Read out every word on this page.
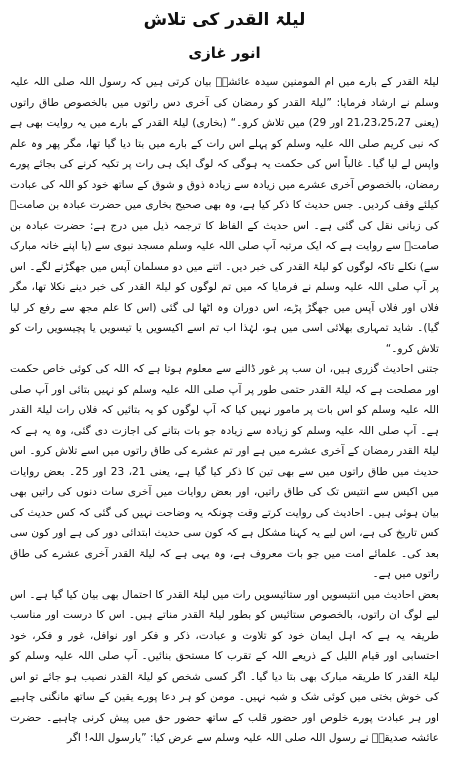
لیلۃ القدر کی تلاش
انور غازی

لیلۃ القدر کے بارے میں ام المومنین سیدہ عائشہؓ بیان کرتی ہیں کہ رسول اللہ صلی اللہ علیہ وسلم نے ارشاد فرمایا: ”لیلۃ القدر کو رمضان کی آخری دس راتوں میں بالخصوص طاق راتوں (یعنی 21،23،25،27 اور 29) میں تلاش کرو۔“ (بخاری) لیلۃ القدر کے بارے میں یہ روایت بھی ہے کہ نبی کریم صلی اللہ علیہ وسلم کو پہلے اس رات کے بارے میں بتا دیا گیا تھا، مگر پھر وہ علم واپس لے لیا گیا۔ غالباً اس کی حکمت یہ ہوگی کہ لوگ ایک ہی رات پر تکیہ کرنے کی بجائے پورے رمضان، بالخصوص آخری عشرے میں زیادہ سے زیادہ ذوق و شوق کے ساتھ خود کو اللہ کی عبادت کیلئے وقف کردیں۔ جس حدیث کا ذکر کیا ہے، وہ بھی صحیح بخاری میں حضرت عبادہ بن صامتؓ کی زبانی نقل کی گئی ہے۔ اس حدیث کے الفاظ کا ترجمہ ذیل میں درج ہے: حضرت عبادہ بن صامتؓ سے روایت ہے کہ ایک مرتبہ آپ صلی اللہ علیہ وسلم مسجد نبوی سے (یا اپنے خانہ مبارک سے) نکلے تاکہ لوگوں کو لیلۃ القدر کی خبر دیں۔ اتنے میں دو مسلمان آپس میں جھگڑنے لگے۔ اس پر آپ صلی اللہ علیہ وسلم نے فرمایا کہ میں تم لوگوں کو لیلۃ القدر کی خبر دینے نکلا تھا، مگر فلاں اور فلاں آپس میں جھگڑ پڑے، اس دوران وہ اٹھا لی گئی (اس کا علم مجھ سے رفع کر لیا گیا)۔ شاید تمہاری بھلائی اسی میں ہو، لہٰذا اب تم اسے اکیسویں یا تیسویں یا پچیسویں رات کو تلاش کرو۔“

جتنی احادیث گزری ہیں، ان سب پر غور ڈالنے سے معلوم ہوتا ہے کہ اللہ کی کوئی خاص حکمت اور مصلحت ہے کہ لیلۃ القدر حتمی طور پر آپ صلی اللہ علیہ وسلم کو نہیں بتائی اور آپ صلی اللہ علیہ وسلم کو اس بات پر مامور نہیں کیا کہ آپ لوگوں کو یہ بتائیں کہ فلاں رات لیلۃ القدر ہے۔ آپ صلی اللہ علیہ وسلم کو زیادہ سے زیادہ جو بات بتانے کی اجازت دی گئی، وہ یہ ہے کہ لیلۃ القدر رمضان کے آخری عشرے میں ہے اور تم عشرے کی طاق راتوں میں اسے تلاش کرو۔ اس حدیث میں طاق راتوں میں سے بھی تین کا ذکر کیا گیا ہے، یعنی 21، 23 اور 25۔ بعض روایات میں اکیس سے انتیس تک کی طاق راتیں، اور بعض روایات میں آخری سات دنوں کی راتیں بھی بیان ہوئی ہیں۔ احادیث کی روایت کرتے وقت چونکہ یہ وضاحت نہیں کی گئی کہ کس حدیث کی کس تاریخ کی ہے، اس لیے یہ کہنا مشکل ہے کہ کون سی حدیث ابتدائی دور کی ہے اور کون سی بعد کی۔ علمائے امت میں جو بات معروف ہے، وہ یہی ہے کہ لیلۃ القدر آخری عشرے کی طاق راتوں میں ہے۔

بعض احادیث میں انتیسویں اور ستائیسویں رات میں لیلۃ القدر کا احتمال بھی بیان کیا گیا ہے۔ اس لیے لوگ ان راتوں، بالخصوص ستائیس کو بطور لیلۃ القدر مناتے ہیں۔ اس کا درست اور مناسب طریقہ یہ ہے کہ اہل ایمان خود کو تلاوت و عبادت، ذکر و فکر اور نوافل، غور و فکر، خود احتسابی اور قیام اللیل کے ذریعے اللہ کے تقرب کا مستحق بنائیں۔ آپ صلی اللہ علیہ وسلم کو لیلۃ القدر کا طریقہ مبارک بھی بتا دیا گیا۔ اگر کسی شخص کو لیلۃ القدر نصیب ہو جائے تو اس کی خوش بختی میں کوئی شک و شبہ نہیں۔ مومن کو ہر دعا پورے یقین کے ساتھ مانگنی چاہیے اور ہر عبادت پورے خلوص اور حضور قلب کے ساتھ حضور حق میں پیش کرنی چاہیے۔ حضرت عائشہ صدیقہؓ نے رسول اللہ صلی اللہ علیہ وسلم سے عرض کیا: ”یارسول اللہ! اگر
